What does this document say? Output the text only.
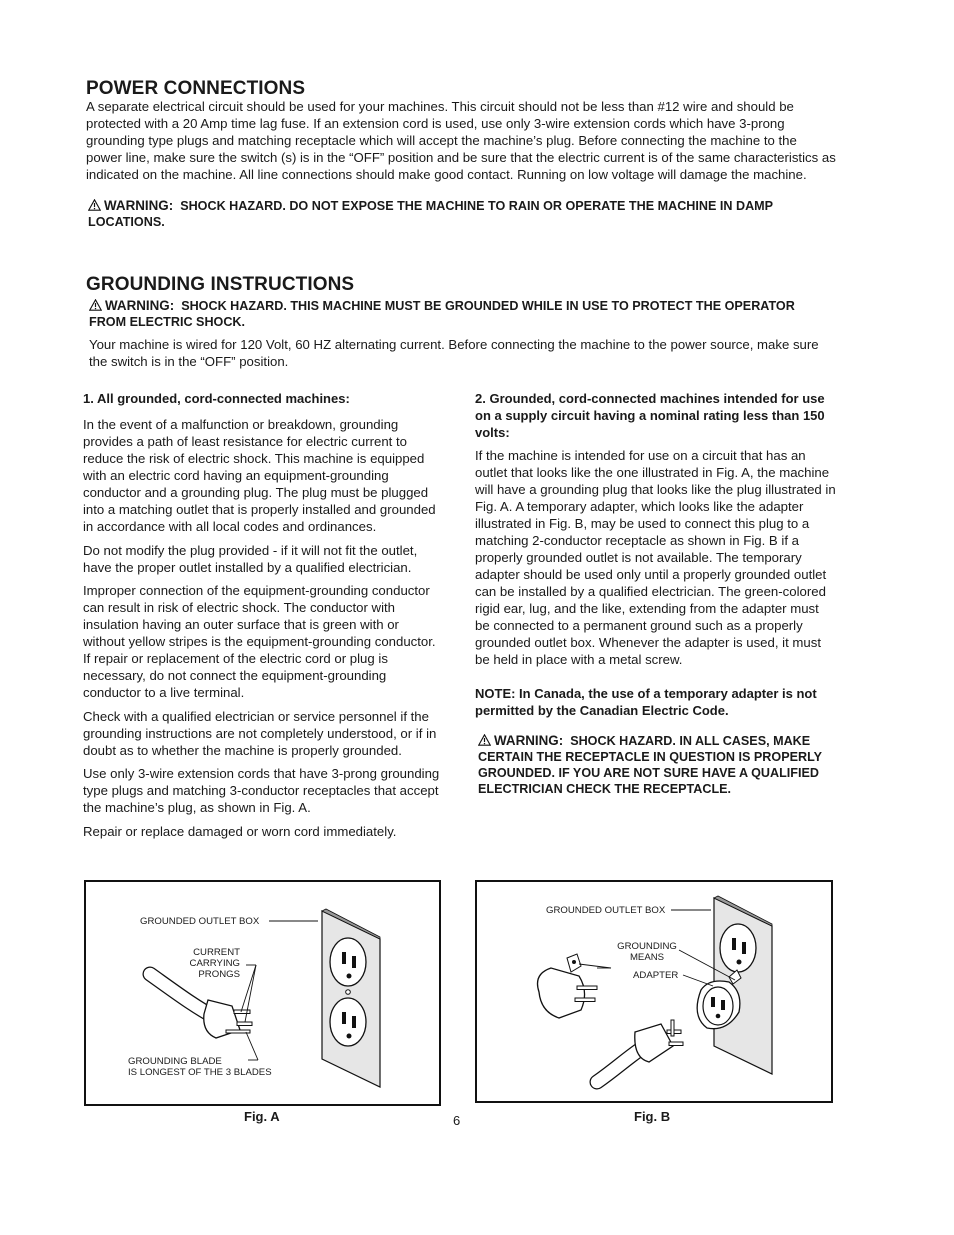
POWER CONNECTIONS
A separate electrical circuit should be used for your machines. This circuit should not be less than #12 wire and should be protected with a 20 Amp time lag fuse. If an extension cord is used, use only 3-wire extension cords which have 3-prong grounding type plugs and matching receptacle which will accept the machine’s plug. Before connecting the machine to the power line, make sure the switch (s) is in the “OFF” position and be sure that the electric current is of the same characteristics as indicated on the machine. All line connections should make good contact. Running on low voltage will damage the machine.
WARNING: SHOCK HAZARD. DO NOT EXPOSE THE MACHINE TO RAIN OR OPERATE THE MACHINE IN DAMP LOCATIONS.
GROUNDING INSTRUCTIONS
WARNING: SHOCK HAZARD. THIS MACHINE MUST BE GROUNDED WHILE IN USE TO PROTECT THE OPERATOR FROM ELECTRIC SHOCK.
Your machine is wired for 120 Volt, 60 HZ alternating current. Before connecting the machine to the power source, make sure the switch is in the “OFF” position.

1. All grounded, cord-connected machines:

In the event of a malfunction or breakdown, grounding provides a path of least resistance for electric current to reduce the risk of electric shock. This machine is equipped with an electric cord having an equipment-grounding conductor and a grounding plug. The plug must be plugged into a matching outlet that is properly installed and grounded in accordance with all local codes and ordinances.

Do not modify the plug provided - if it will not fit the outlet, have the proper outlet installed by a qualified electrician.

Improper connection of the equipment-grounding conductor can result in risk of electric shock. The conductor with insulation having an outer surface that is green with or without yellow stripes is the equipment-grounding conductor. If repair or replacement of the electric cord or plug is necessary, do not connect the equipment-grounding conductor to a live terminal.

Check with a qualified electrician or service personnel if the grounding instructions are not completely understood, or if in doubt as to whether the machine is properly grounded.

Use only 3-wire extension cords that have 3-prong grounding type plugs and matching 3-conductor receptacles that accept the machine’s plug, as shown in Fig. A.

Repair or replace damaged or worn cord immediately.

2. Grounded, cord-connected machines intended for use on a supply circuit having a nominal rating less than 150 volts:

If the machine is intended for use on a circuit that has an outlet that looks like the one illustrated in Fig. A, the machine will have a grounding plug that looks like the plug illustrated in Fig. A. A temporary adapter, which looks like the adapter illustrated in Fig. B, may be used to connect this plug to a matching 2-conductor receptacle as shown in Fig. B if a properly grounded outlet is not available. The temporary adapter should be used only until a properly grounded outlet can be installed by a qualified electrician. The green-colored rigid ear, lug, and the like, extending from the adapter must be connected to a permanent ground such as a properly grounded outlet box. Whenever the adapter is used, it must be held in place with a metal screw.

NOTE: In Canada, the use of a temporary adapter is not permitted by the Canadian Electric Code.

WARNING: SHOCK HAZARD. IN ALL CASES, MAKE CERTAIN THE RECEPTACLE IN QUESTION IS PROPERLY GROUNDED. IF YOU ARE NOT SURE HAVE A QUALIFIED ELECTRICIAN CHECK THE RECEPTACLE.
GROUNDED OUTLET BOX
CURRENT
CARRYING
PRONGS
GROUNDING BLADE
IS LONGEST OF THE 3 BLADES
Fig. A
GROUNDED OUTLET BOX
GROUNDING
MEANS
ADAPTER
Fig. B
6
